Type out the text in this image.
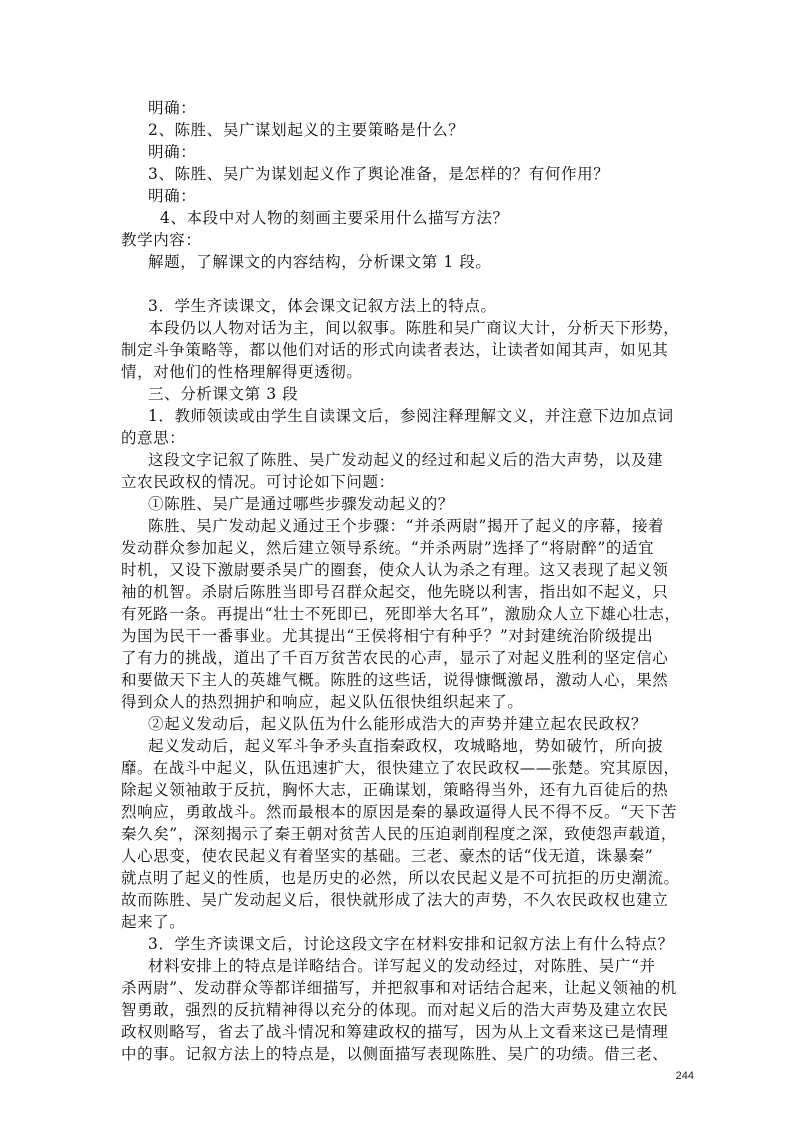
明确：

2、陈胜、吴广谋划起义的主要策略是什么？

明确：

3、陈胜、吴广为谋划起义作了舆论准备，是怎样的？有何作用？

明确：

4、本段中对人物的刻画主要采用什么描写方法？

教学内容：

解题，了解课文的内容结构，分析课文第 1 段。

3．学生齐读课文，体会课文记叙方法上的特点。

本段仍以人物对话为主，间以叙事。陈胜和吴广商议大计，分析天下形势，

制定斗争策略等，都以他们对话的形式向读者表达，让读者如闻其声，如见其

情，对他们的性格理解得更透彻。

三、分析课文第 3 段

1．教师领读或由学生自读课文后，参阅注释理解文义，并注意下边加点词

的意思：

这段文字记叙了陈胜、吴广发动起义的经过和起义后的浩大声势，以及建

立农民政权的情况。可讨论如下问题：

①陈胜、吴广是通过哪些步骤发动起义的？

陈胜、吴广发动起义通过王个步骤：“并杀两尉”揭开了起义的序幕，接着

发动群众参加起义，然后建立领导系统。“并杀两尉”选择了“将尉醉”的适宜

时机，又设下激尉要杀吴广的圈套，使众人认为杀之有理。这又表现了起义领

袖的机智。杀尉后陈胜当即号召群众起交，他先晓以利害，指出如不起义，只

有死路一条。再提出“壮士不死即已，死即举大名耳”，激励众人立下雄心壮志，

为国为民干一番事业。尤其提出“王侯将相宁有种乎？”对封建统治阶级提出

了有力的挑战，道出了千百万贫苦农民的心声，显示了对起义胜利的坚定信心

和要做天下主人的英雄气概。陈胜的这些话，说得慷慨激昂，激动人心，果然

得到众人的热烈拥护和响应，起义队伍很快组织起来了。

②起义发动后，起义队伍为什么能形成浩大的声势并建立起农民政权？

起义发动后，起义军斗争矛头直指秦政权，攻城略地，势如破竹，所向披

靡。在战斗中起义，队伍迅速扩大，很快建立了农民政权——张楚。究其原因，

除起义领袖敢于反抗，胸怀大志，正确谋划，策略得当外，还有九百徒后的热

烈响应，勇敢战斗。然而最根本的原因是秦的暴政逼得人民不得不反。“天下苦

秦久矣”，深刻揭示了秦王朝对贫苦人民的压迫剥削程度之深，致使怨声载道，

人心思变，使农民起义有着坚实的基础。三老、豪杰的话“伐无道，诛暴秦”

就点明了起义的性质，也是历史的必然，所以农民起义是不可抗拒的历史潮流。

故而陈胜、吴广发动起义后，很快就形成了法大的声势，不久农民政权也建立

起来了。

3．学生齐读课文后，讨论这段文字在材料安排和记叙方法上有什么特点？

材料安排上的特点是详略结合。详写起义的发动经过，对陈胜、吴广“并

杀两尉”、发动群众等都详细描写，并把叙事和对话结合起来，让起义领袖的机

智勇敢，强烈的反抗精神得以充分的体现。而对起义后的浩大声势及建立农民

政权则略写，省去了战斗情况和筹建政权的描写，因为从上文看来这已是情理

中的事。记叙方法上的特点是，以侧面描写表现陈胜、吴广的功绩。借三老、

244
